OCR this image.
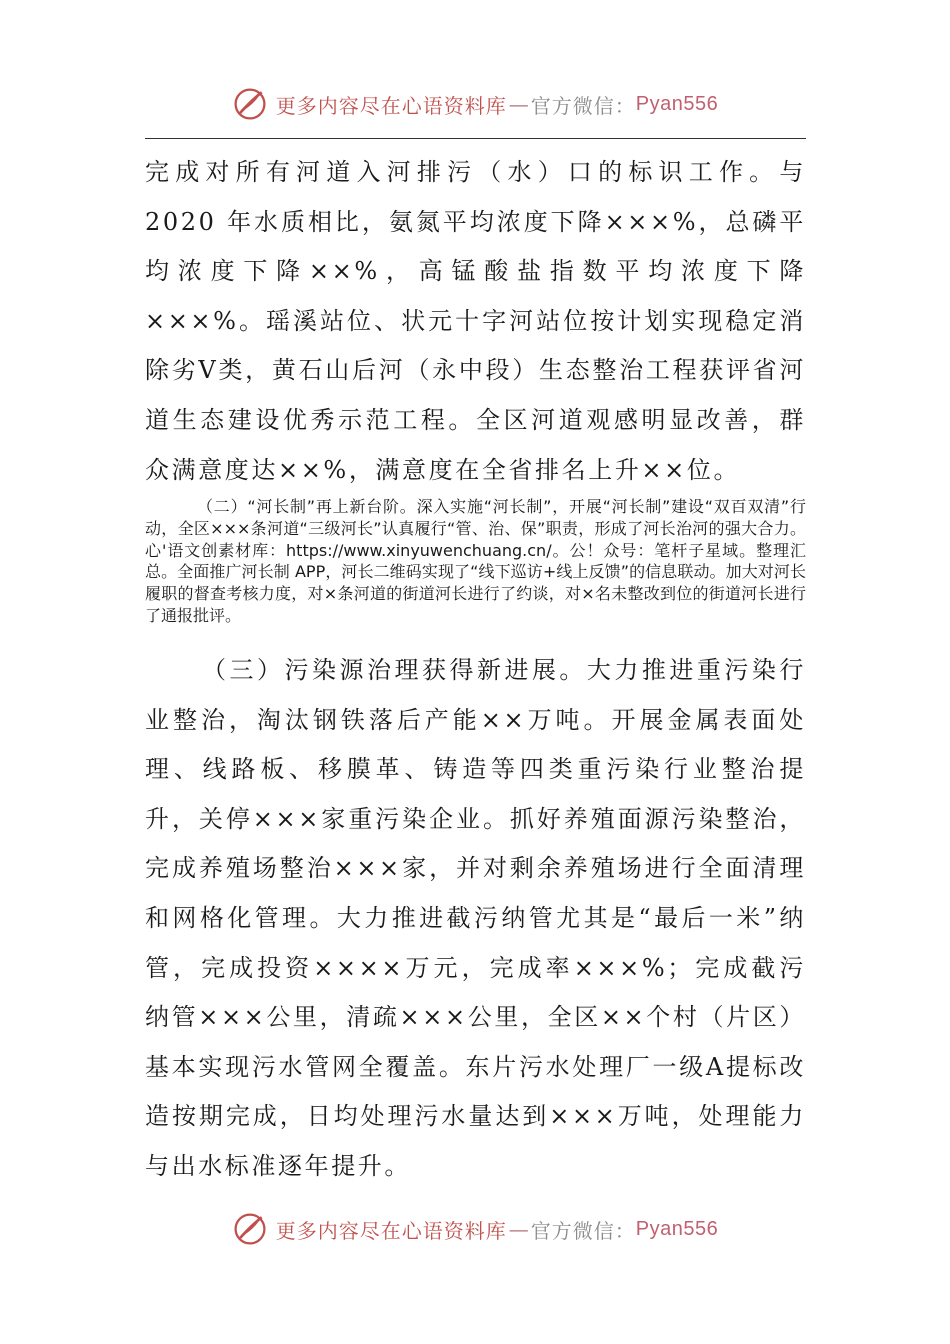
更多内容尽在心语资料库 — 官方微信： Pyan556

完成对所有河道入河排污（水）口的标识工作。与 2020 年水质相比，氨氮平均浓度下降×××%，总磷平均浓度下降××%，高锰酸盐指数平均浓度下降×××%。瑶溪站位、状元十字河站位按计划实现稳定消除劣Ⅴ类，黄石山后河（永中段）生态整治工程获评省河道生态建设优秀示范工程。全区河道观感明显改善，群众满意度达××%，满意度在全省排名上升××位。

（二）“河长制”再上新台阶。深入实施“河长制”，开展“河长制”建设“双百双清”行动，全区×××条河道“三级河长”认真履行“管、治、保”职责，形成了河长治河的强大合力。心'语文创素材库：https://www.xinyuwenchuang.cn/。公！众号：笔杆子星域。整理汇总。全面推广河长制 APP，河长二维码实现了“线下巡访+线上反馈”的信息联动。加大对河长履职的督查考核力度，对×条河道的街道河长进行了约谈，对×名未整改到位的街道河长进行了通报批评。

（三）污染源治理获得新进展。大力推进重污染行业整治，淘汰钢铁落后产能××万吨。开展金属表面处理、线路板、移膜革、铸造等四类重污染行业整治提升，关停×××家重污染企业。抓好养殖面源污染整治，完成养殖场整治×××家，并对剩余养殖场进行全面清理和网格化管理。大力推进截污纳管尤其是“最后一米”纳管，完成投资××××万元，完成率×××%；完成截污纳管×××公里，清疏×××公里，全区××个村（片区）基本实现污水管网全覆盖。东片污水处理厂一级A提标改造按期完成，日均处理污水量达到×××万吨，处理能力与出水标准逐年提升。

更多内容尽在心语资料库 — 官方微信： Pyan556
